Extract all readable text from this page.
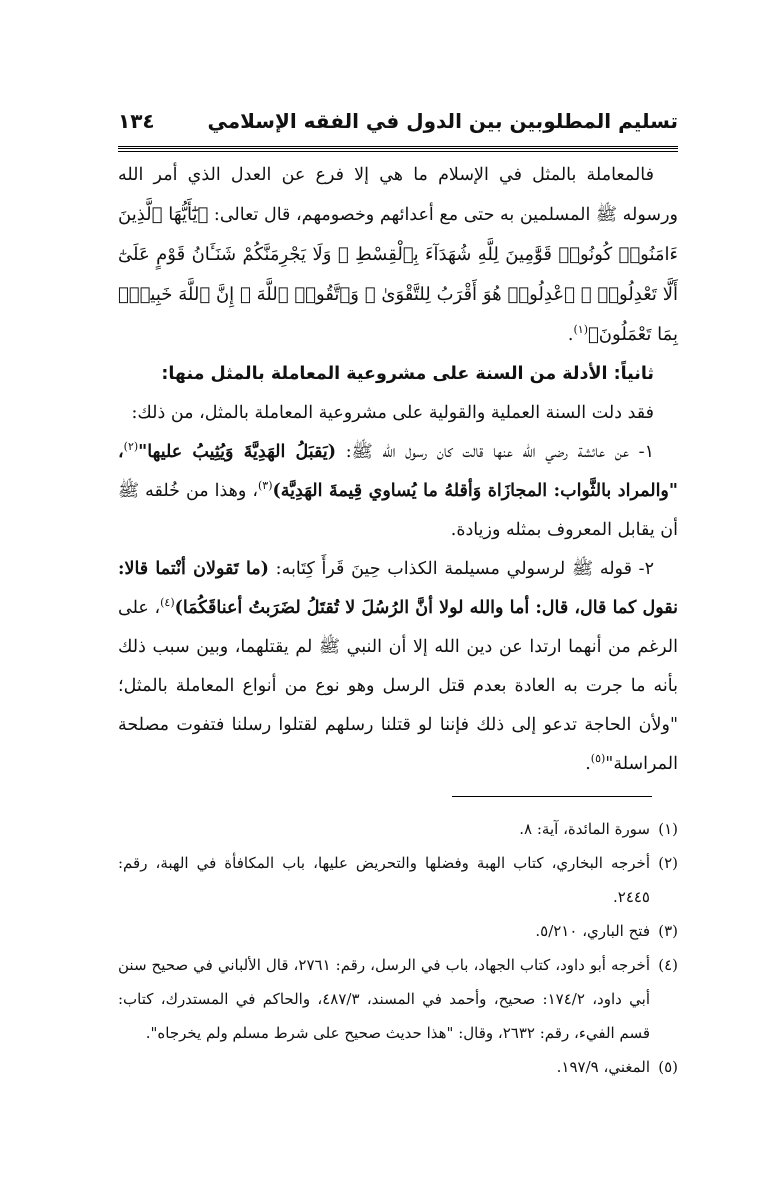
تسليم المطلوبين بين الدول في الفقه الإسلامي
١٣٤

فالمعاملة بالمثل في الإسلام ما هي إلا فرع عن العدل الذي أمر الله ورسوله ﷺ المسلمين به حتى مع أعدائهم وخصومهم، قال تعالى: ﴿يَٰٓأَيُّهَا ٱلَّذِينَ ءَامَنُوا۟ كُونُوا۟ قَوَّٰمِينَ لِلَّهِ شُهَدَآءَ بِٱلْقِسْطِ ۖ وَلَا يَجْرِمَنَّكُمْ شَنَـَٔانُ قَوْمٍ عَلَىٰٓ أَلَّا تَعْدِلُوا۟ ۚ ٱعْدِلُوا۟ هُوَ أَقْرَبُ لِلتَّقْوَىٰ ۖ وَٱتَّقُوا۟ ٱللَّهَ ۚ إِنَّ ٱللَّهَ خَبِيرٌۢ بِمَا تَعْمَلُونَ﴾$^{(١)}$.

ثانياً: الأدلة من السنة على مشروعية المعاملة بالمثل منها:

فقد دلت السنة العملية والقولية على مشروعية المعاملة بالمثل، من ذلك:

١- عن عائشة رضي الله عنها قالت كان رسول الله ﷺ: (يَقبَلُ الهَدِيَّةَ وَيُثِيبُ عليها"$^{(٢)}$، "والمراد بالثَّواب: المجازَاة وَأقلهُ ما يُساوي قِيمةَ الهَدِيَّة)$^{(٣)}$، وهذا من خُلقه ﷺ أن يقابل المعروف بمثله وزيادة.

٢- قوله ﷺ لرسولي مسيلمة الكذاب حِينَ قَرأَ كِتَابه: (ما تَقولان أنْتما قالا: نقول كما قال، قال: أما والله لولا أنَّ الرُسُلَ لا تُقتَلُ لضَرَبتُ أعناقَكُمَا)$^{(٤)}$، على الرغم من أنهما ارتدا عن دين الله إلا أن النبي ﷺ لم يقتلهما، وبين سبب ذلك بأنه ما جرت به العادة بعدم قتل الرسل وهو نوع من أنواع المعاملة بالمثل؛ "ولأن الحاجة تدعو إلى ذلك فإننا لو قتلنا رسلهم لقتلوا رسلنا فتفوت مصلحة المراسلة"$^{(٥)}$.

(١)
سورة المائدة، آية: ٨.

(٢)
أخرجه البخاري، كتاب الهبة وفضلها والتحريض عليها، باب المكافأة في الهبة، رقم: ٢٤٤٥.

(٣)
فتح الباري، ٥/٢١٠.

(٤)
أخرجه أبو داود، كتاب الجهاد، باب في الرسل، رقم: ٢٧٦١، قال الألباني في صحيح سنن أبي داود، ١٧٤/٢: صحيح، وأحمد في المسند، ٤٨٧/٣، والحاكم في المستدرك، كتاب: قسم الفيء، رقم: ٢٦٣٢، وقال: "هذا حديث صحيح على شرط مسلم ولم يخرجاه".

(٥)
المغني، ١٩٧/٩.
